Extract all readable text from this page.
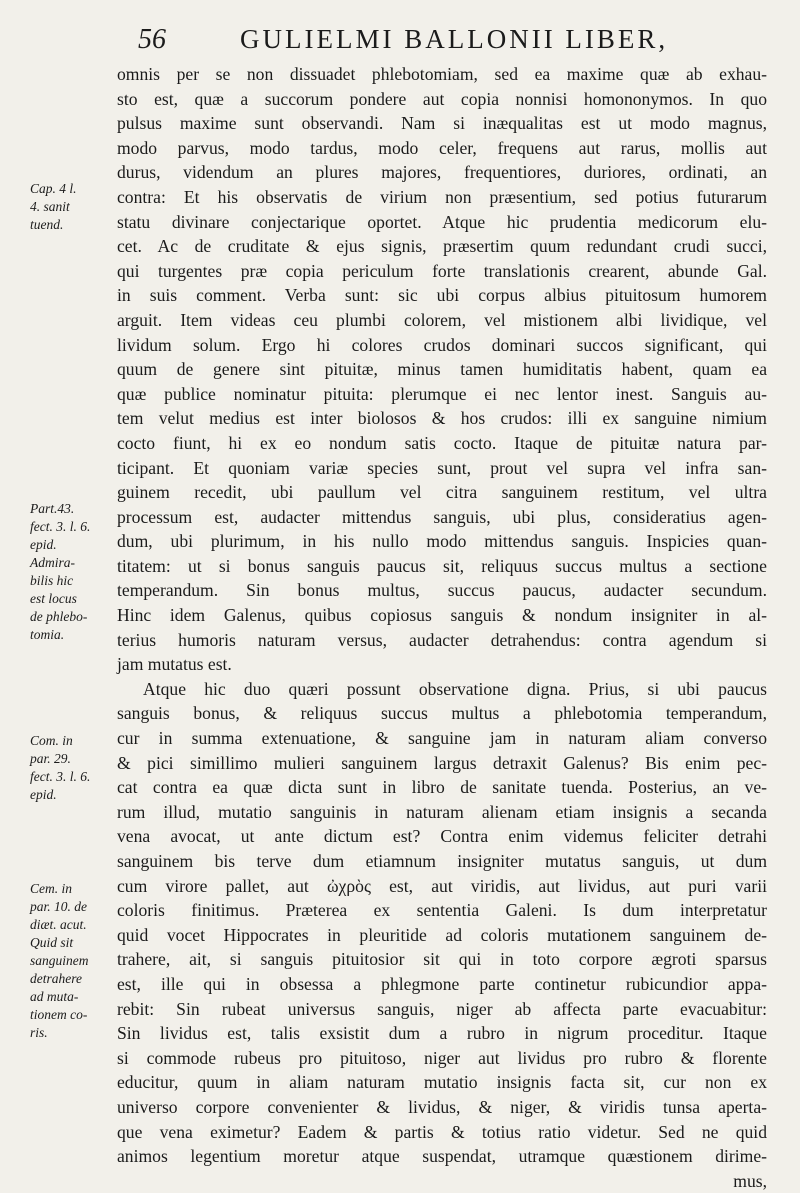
56	GULIELMI BALLONII LIBER,
Cap. 4 l.
4. sanit
tuend.
Part.43.
fect. 3. l. 6.
epid.
Admira-
bilis hic
est locus
de phlebo-
tomia.
Com. in
par. 29.
fect. 3. l. 6.
epid.
Cem. in
par. 10. de
diæt. acut.
Quid sit
sanguinem
detrahere
ad muta-
tionem co-
ris.
omnis per se non dissuadet phlebotomiam, sed ea maxime quæ ab exhau-
sto est, quæ a succorum pondere aut copia nonnisi homononymos. In quo
pulsus maxime sunt observandi. Nam si inæqualitas est ut modo magnus,
modo parvus, modo tardus, modo celer, frequens aut rarus, mollis aut
durus, videndum an plures majores, frequentiores, duriores, ordinati, an
contra: Et his observatis de virium non præsentium, sed potius futurarum
statu divinare conjectarique oportet. Atque hic prudentia medicorum elu-
cet. Ac de cruditate & ejus signis, præsertim quum redundant crudi succi,
qui turgentes præ copia periculum forte translationis crearent, abunde Gal.
in suis comment. Verba sunt: sic ubi corpus albius pituitosum humorem
arguit. Item videas ceu plumbi colorem, vel mistionem albi lividique, vel
lividum solum. Ergo hi colores crudos dominari succos significant, qui
quum de genere sint pituitæ, minus tamen humiditatis habent, quam ea
quæ publice nominatur pituita: plerumque ei nec lentor inest. Sanguis au-
tem velut medius est inter biolosos & hos crudos: illi ex sanguine nimium
cocto fiunt, hi ex eo nondum satis cocto. Itaque de pituitæ natura par-
ticipant. Et quoniam variæ species sunt, prout vel supra vel infra san-
guinem recedit, ubi paullum vel citra sanguinem restitum, vel ultra
processum est, audacter mittendus sanguis, ubi plus, consideratius agen-
dum, ubi plurimum, in his nullo modo mittendus sanguis. Inspicies quan-
titatem: ut si bonus sanguis paucus sit, reliquus succus multus a sectione
temperandum. Sin bonus multus, succus paucus, audacter secundum.
Hinc idem Galenus, quibus copiosus sanguis & nondum insigniter in al-
terius humoris naturam versus, audacter detrahendus: contra agendum si
jam mutatus est.
Atque hic duo quæri possunt observatione digna. Prius, si ubi paucus
sanguis bonus, & reliquus succus multus a phlebotomia temperandum,
cur in summa extenuatione, & sanguine jam in naturam aliam converso
& pici simillimo mulieri sanguinem largus detraxit Galenus? Bis enim pec-
cat contra ea quæ dicta sunt in libro de sanitate tuenda. Posterius, an ve-
rum illud, mutatio sanguinis in naturam alienam etiam insignis a secanda
vena avocat, ut ante dictum est? Contra enim videmus feliciter detrahi
sanguinem bis terve dum etiamnum insigniter mutatus sanguis, ut dum
cum virore pallet, aut ὠχρὸς est, aut viridis, aut lividus, aut puri varii
coloris finitimus. Præterea ex sententia Galeni. Is dum interpretatur
quid vocet Hippocrates in pleuritide ad coloris mutationem sanguinem de-
trahere, ait, si sanguis pituitosior sit qui in toto corpore ægroti sparsus
est, ille qui in obsessa a phlegmone parte continetur rubicundior appa-
rebit: Sin rubeat universus sanguis, niger ab affecta parte evacuabitur:
Sin lividus est, talis exsistit dum a rubro in nigrum proceditur. Itaque
si commode rubeus pro pituitoso, niger aut lividus pro rubro & florente
educitur, quum in aliam naturam mutatio insignis facta sit, cur non ex
universo corpore convenienter & lividus, & niger, & viridis tunsa aperta-
que vena eximetur? Eadem & partis & totius ratio videtur. Sed ne quid
animos legentium moretur atque suspendat, utramque quæstionem dirime-
mus,
